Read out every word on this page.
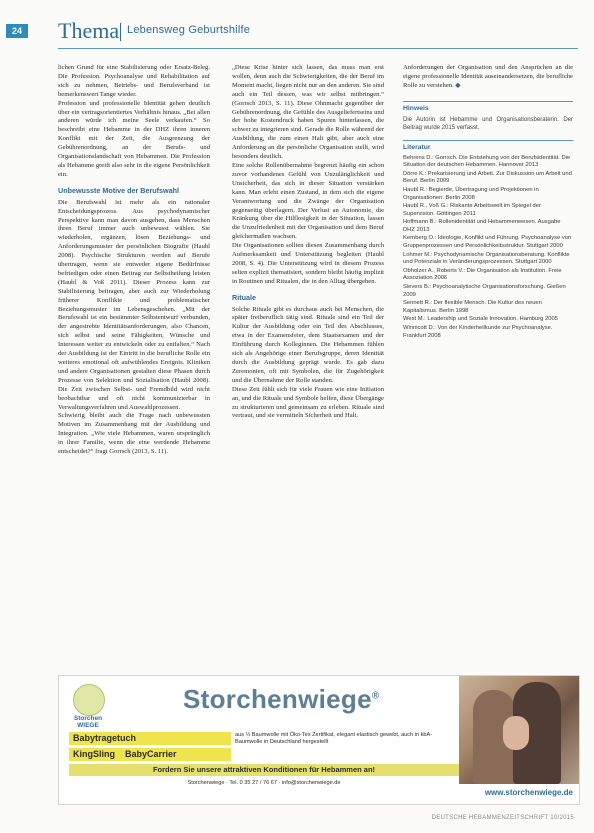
24 Thema Lebensweg Geburtshilfe

lichen Grund für eine Stabilisierung oder Ersatz-Beleg. Die Profession. Psychoanalyse und Rehabilitation auf sich zu nehmen, Betriebs- und Berufsverband ist bemerkenswert Tange wieder.

Profession und professionelle Identität gehen deutlich über ein vertragsorientiertes Verhältnis hinaus. „Bei allen anderen würde ich meine Seele verkaufen.“ So beschreibt eine Hebamme in der DHZ ihren inneren Konflikt mit der Zeit, die Ausgrenzung der Gebührenordnung, an der Berufs- und Organisationslandschaft von Hebammen. Die Profession als Hebamme greift also sehr in die eigene Persönlichkeit ein.

Unbewusste Motive der Berufswahl

Die Berufswahl ist mehr als ein rationaler Entscheidungsprozess. Aus psychodynamischer Perspektive kann man davon ausgehen, dass Menschen ihren Beruf immer auch unbewusst wählen. Sie wiederholen, ergänzen, lösen Beziehungs- und Anforderungsmuster der persönlichen Biografie (Haubl 2008). Psychische Strukturen werden auf Berufe übertragen, wenn sie entweder eigene Bedürfnisse befriedigen oder einen Beitrag zur Selbstheilung leisten (Haubl & Voß 2011). Dieser Prozess kann zur Stabilisierung beitragen, aber auch zur Wiederholung früherer Konflikte und problematischer Beziehungsmuster im Lebensgeschehen. „Mit der Berufswahl ist ein bestimmter Selbstentwurf verbunden, der angestrebte Identitätsanforderungen, also Chancen, sich selbst und seine Fähigkeiten, Wünsche und Interessen weiter zu entwickeln oder zu entfalten.“ Nach der Ausbildung ist der Eintritt in die berufliche Rolle ein weiteres emotional oft aufwühlendes Ereignis. Kliniken und andere Organisationen gestalten diese Phasen durch Prozesse von Selektion und Sozialisation (Haubl 2008). Die Zeit zwischen Selbst- und Fremdbild wird nicht beobachtbar und oft nicht kommunizierbar in Verwaltungsverfahren und Auswahlprozessen.

Schwierig bleibt auch die Frage nach unbewussten Motiven im Zusammenhang mit der Ausbildung und Integration. „Wie viele Hebammen, waren ursprünglich in ihrer Familie, wenn die eine werdende Hebamme entscheidet?“ fragt Gorrsch (2013, S. 11).

„Diese Krise hinter sich lassen, das muss man erst wollen, denn auch die Schwierigkeiten, die der Beruf im Moment macht, liegen nicht nur an den anderen. Sie sind auch ein Teil dessen, was wir selbst mitbringen.“ (Gorrsch 2013, S. 11). Diese Ohnmacht gegenüber der Gebührenordnung, die Gefühle des Ausgeliefertseins und der hohe Kostendruck haben Spuren hinterlassen, die schwer zu integrieren sind. Gerade die Rolle während der Ausbildung, die zum einen Halt gibt, aber auch eine Anforderung an die persönliche Organisation stellt, wird besonders deutlich.

Eine solche Rollenübernahme begrenzt häufig ein schon zuvor vorhandenes Gefühl von Unzulänglichkeit und Unsicherheit, das sich in dieser Situation verstärken kann. Man erlebt einen Zustand, in dem sich die eigene Verantwortung und die Zwänge der Organisation gegenseitig überlagern. Der Verlust an Autonomie, die Kränkung über die Hilflosigkeit in der Situation, lassen die Unzufriedenheit mit der Organisation und dem Beruf gleichermaßen wachsen.

Die Organisationen sollten diesen Zusammenhang durch Aufmerksamkeit und Unterstützung begleiten (Haubl 2008, S. 4). Die Unterstützung wird in diesem Prozess selten explizit thematisiert, sondern bleibt häufig implizit in Routinen und Ritualen, die in den Alltag übergehen.

Rituale

Solche Rituale gibt es durchaus auch bei Menschen, die später freiberuflich tätig sind. Rituale sind ein Teil der Kultur der Ausbildung oder ein Teil des Abschlusses, etwa in der Examensfeier, dem Staatsexamen und der Einführung durch Kolleginnen. Die Hebammen fühlen sich als Angehörige einer Berufsgruppe, deren Identität durch die Ausbildung geprägt wurde. Es gab dazu Zeremonien, oft mit Symbolen, die für Zugehörigkeit und die Übernahme der Rolle standen.

Diese Zeit fühlt sich für viele Frauen wie eine Initiation an, und die Rituale und Symbole helfen, diese Übergänge zu strukturieren und gemeinsam zu erleben. Rituale sind vertraut, und sie vermitteln Sicherheit und Halt.

Anforderungen der Organisation und den Ansprüchen an die eigene professionelle Identität auseinandersetzen, die berufliche Rolle zu verstehen. ◆

Hinweis
Die Autorin ist Hebamme und Organisationsberaterin. Der Beitrag wurde 2015 verfasst.
Literatur

Behrens D.: Gorrsch. Die Entstehung von der Berufsidentität. Die Situation der deutschen Hebammen. Hannover 2013

Dörre K.: Prekarisierung und Arbeit. Zur Diskussion um Arbeit und Beruf. Berlin 2009

Haubl R.: Begierde, Übertragung und Projektionen in Organisationen. Berlin 2008

Haubl R., Voß G.: Riskante Arbeitswelt im Spiegel der Supervision. Göttingen 2011

Hoffmann B.: Rollenidentität und Hebammenwesen. Ausgabe DHZ 2013

Kernberg O.: Ideologie, Konflikt und Führung. Psychoanalyse von Gruppenprozessen und Persönlichkeitsstruktur. Stuttgart 2000

Lohmer M.: Psychodynamische Organisationsberatung. Konflikte und Potenziale in Veränderungsprozessen. Stuttgart 2000

Obholzer A., Roberts V.: Die Organisation als Institution. Freie Assoziation 2006

Sievers B.: Psychoanalytische Organisationsforschung. Gießen 2009

Sennett R.: Der flexible Mensch. Die Kultur des neuen Kapitalismus. Berlin 1998

West M.: Leadership und Soziale Innovation. Hamburg 2005

Winnicott D.: Von der Kinderheilkunde zur Psychoanalyse. Frankfurt 2008

Storchen WIEGE
Storchenwiege®
Babytragetuch
KingSling BabyCarrier
aus ⅓ Baumwolle mit Öko-Tex Zertifikat, elegant elastisch gewebt, auch in kbA-Baumwolle in Deutschland hergestellt
Fordern Sie unsere attraktiven Konditionen für Hebammen an!
Storchenwiege · Tel. 0 35 27 / 76 67 · info@storchenwiege.de
www.storchenwiege.de
DEUTSCHE HEBAMMENZEITSCHRIFT 10/2015
